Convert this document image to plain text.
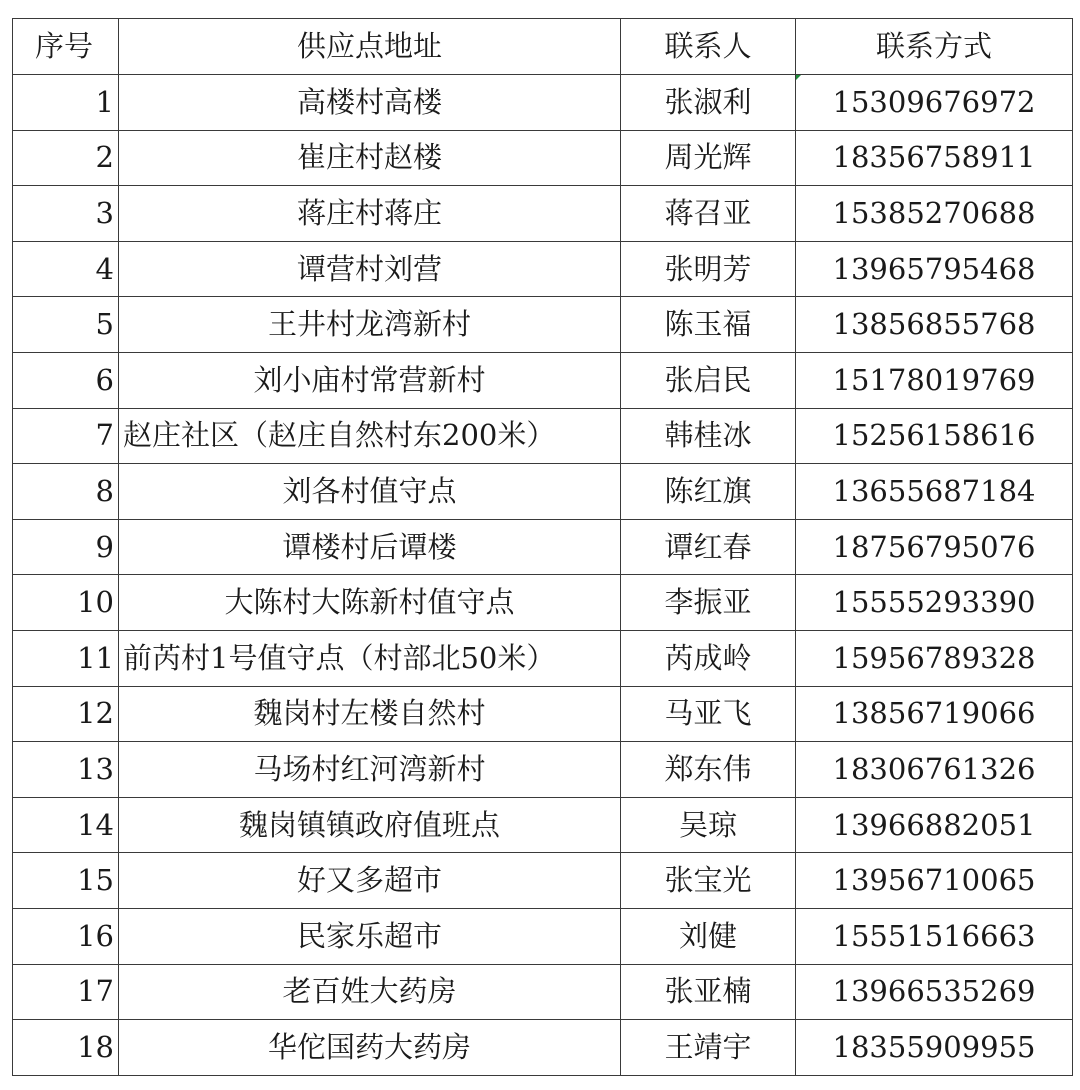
序号	供应点地址	联系人	联系方式
1	高楼村高楼	张淑利	15309676972
2	崔庄村赵楼	周光辉	18356758911
3	蒋庄村蒋庄	蒋召亚	15385270688
4	谭营村刘营	张明芳	13965795468
5	王井村龙湾新村	陈玉福	13856855768
6	刘小庙村常营新村	张启民	15178019769
7	赵庄社区（赵庄自然村东200米）	韩桂冰	15256158616
8	刘各村值守点	陈红旗	13655687184
9	谭楼村后谭楼	谭红春	18756795076
10	大陈村大陈新村值守点	李振亚	15555293390
11	前芮村1号值守点（村部北50米）	芮成岭	15956789328
12	魏岗村左楼自然村	马亚飞	13856719066
13	马场村红河湾新村	郑东伟	18306761326
14	魏岗镇镇政府值班点	吴琼	13966882051
15	好又多超市	张宝光	13956710065
16	民家乐超市	刘健	15551516663
17	老百姓大药房	张亚楠	13966535269
18	华佗国药大药房	王靖宇	18355909955
